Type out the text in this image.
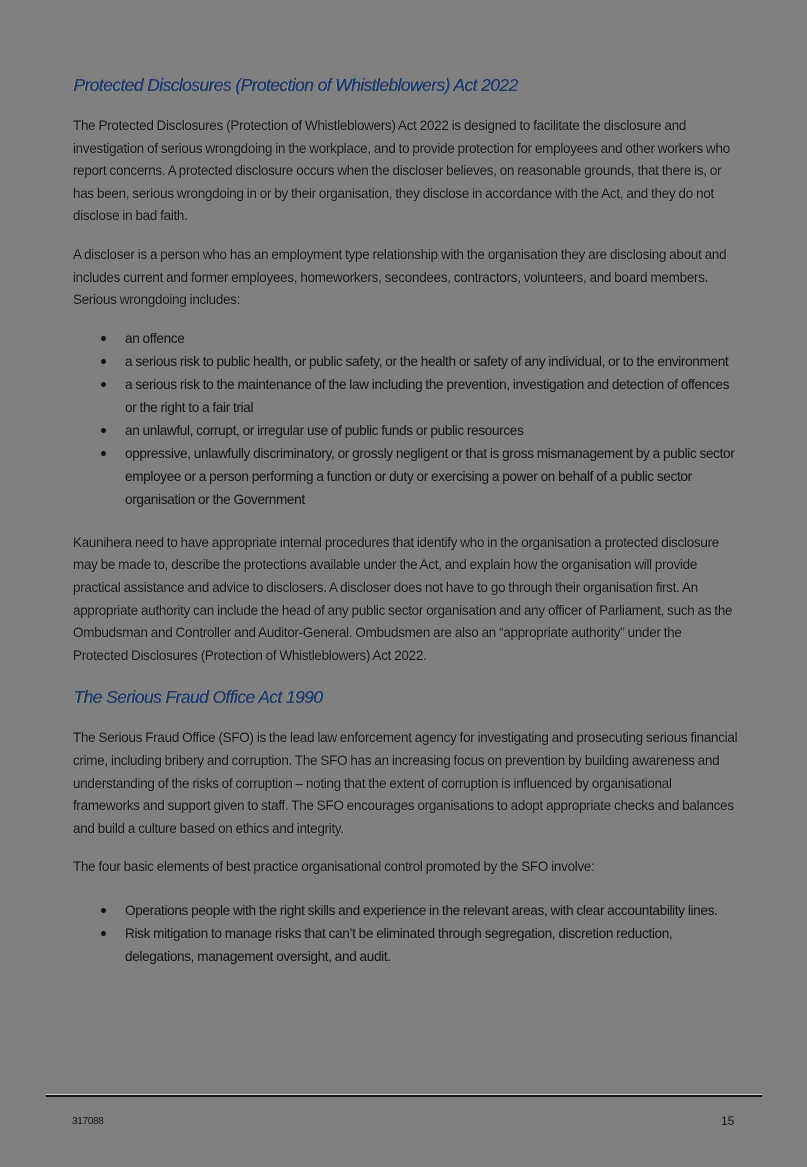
Protected Disclosures (Protection of Whistleblowers) Act 2022

The Protected Disclosures (Protection of Whistleblowers) Act 2022 is designed to facilitate the disclosure and investigation of serious wrongdoing in the workplace, and to provide protection for employees and other workers who report concerns. A protected disclosure occurs when the discloser believes, on reasonable grounds, that there is, or has been, serious wrongdoing in or by their organisation, they disclose in accordance with the Act, and they do not disclose in bad faith.

A discloser is a person who has an employment type relationship with the organisation they are disclosing about and includes current and former employees, homeworkers, secondees, contractors, volunteers, and board members. Serious wrongdoing includes:

an offence
a serious risk to public health, or public safety, or the health or safety of any individual, or to the environment
a serious risk to the maintenance of the law including the prevention, investigation and detection of offences or the right to a fair trial
an unlawful, corrupt, or irregular use of public funds or public resources
oppressive, unlawfully discriminatory, or grossly negligent or that is gross mismanagement by a public sector employee or a person performing a function or duty or exercising a power on behalf of a public sector organisation or the Government

Kaunihera need to have appropriate internal procedures that identify who in the organisation a protected disclosure may be made to, describe the protections available under the Act, and explain how the organisation will provide practical assistance and advice to disclosers. A discloser does not have to go through their organisation first. An appropriate authority can include the head of any public sector organisation and any officer of Parliament, such as the Ombudsman and Controller and Auditor-General. Ombudsmen are also an “appropriate authority” under the Protected Disclosures (Protection of Whistleblowers) Act 2022.

The Serious Fraud Office Act 1990

The Serious Fraud Office (SFO) is the lead law enforcement agency for investigating and prosecuting serious financial crime, including bribery and corruption. The SFO has an increasing focus on prevention by building awareness and understanding of the risks of corruption – noting that the extent of corruption is influenced by organisational frameworks and support given to staff. The SFO encourages organisations to adopt appropriate checks and balances and build a culture based on ethics and integrity.

The four basic elements of best practice organisational control promoted by the SFO involve:

Operations people with the right skills and experience in the relevant areas, with clear accountability lines.
Risk mitigation to manage risks that can’t be eliminated through segregation, discretion reduction, delegations, management oversight, and audit.
317088	15
